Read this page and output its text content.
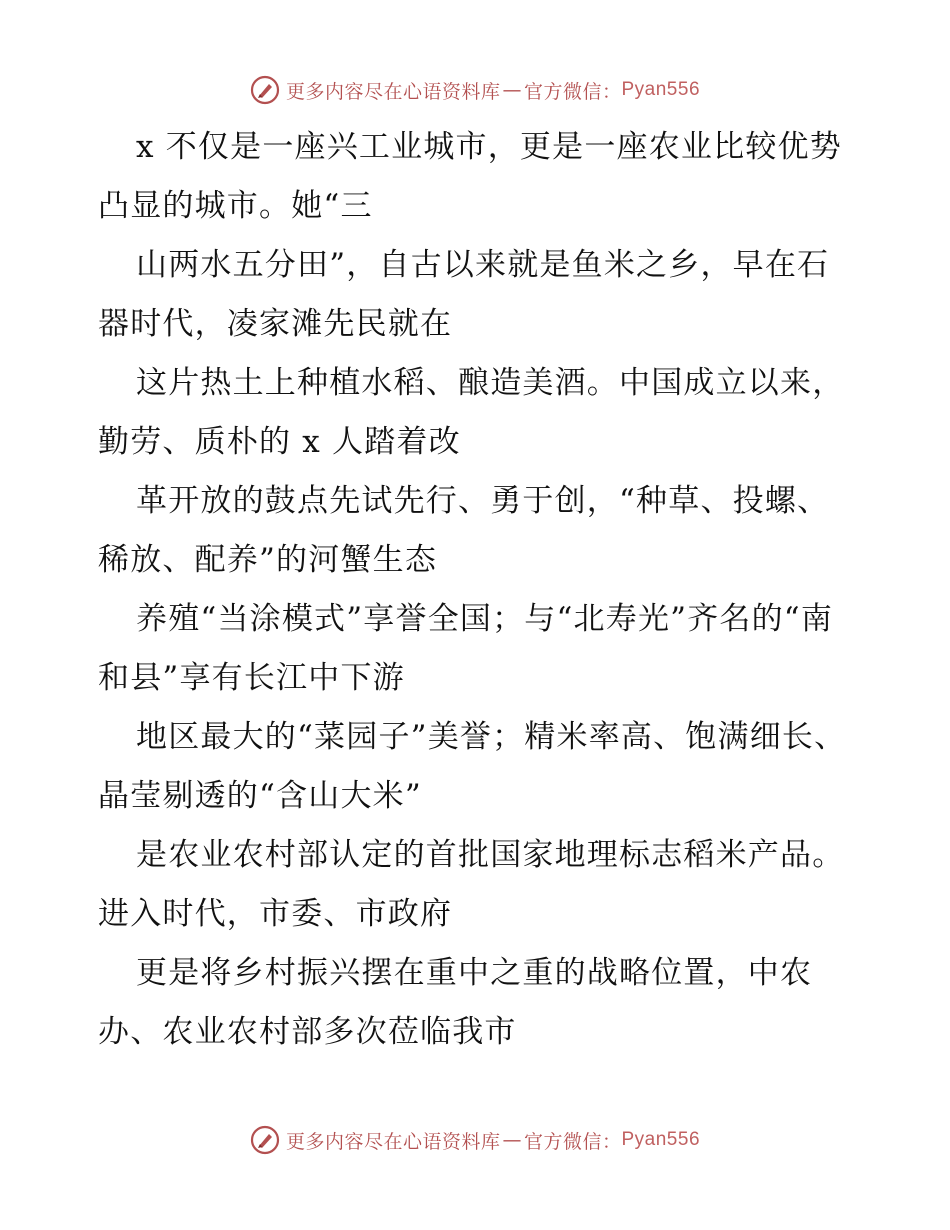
更多内容尽在心语资料库 — 官方微信： Pyan556

x 不仅是一座兴工业城市，更是一座农业比较优势凸显的城市。她“三

山两水五分田”，自古以来就是鱼米之乡，早在石器时代，凌家滩先民就在

这片热土上种植水稻、酿造美酒。中国成立以来，勤劳、质朴的 x 人踏着改

革开放的鼓点先试先行、勇于创，“种草、投螺、稀放、配养”的河蟹生态

养殖“当涂模式”享誉全国；与“北寿光”齐名的“南和县”享有长江中下游

地区最大的“菜园子”美誉；精米率高、饱满细长、晶莹剔透的“含山大米”

是农业农村部认定的首批国家地理标志稻米产品。进入时代，市委、市政府

更是将乡村振兴摆在重中之重的战略位置，中农办、农业农村部多次莅临我市

更多内容尽在心语资料库 — 官方微信： Pyan556
